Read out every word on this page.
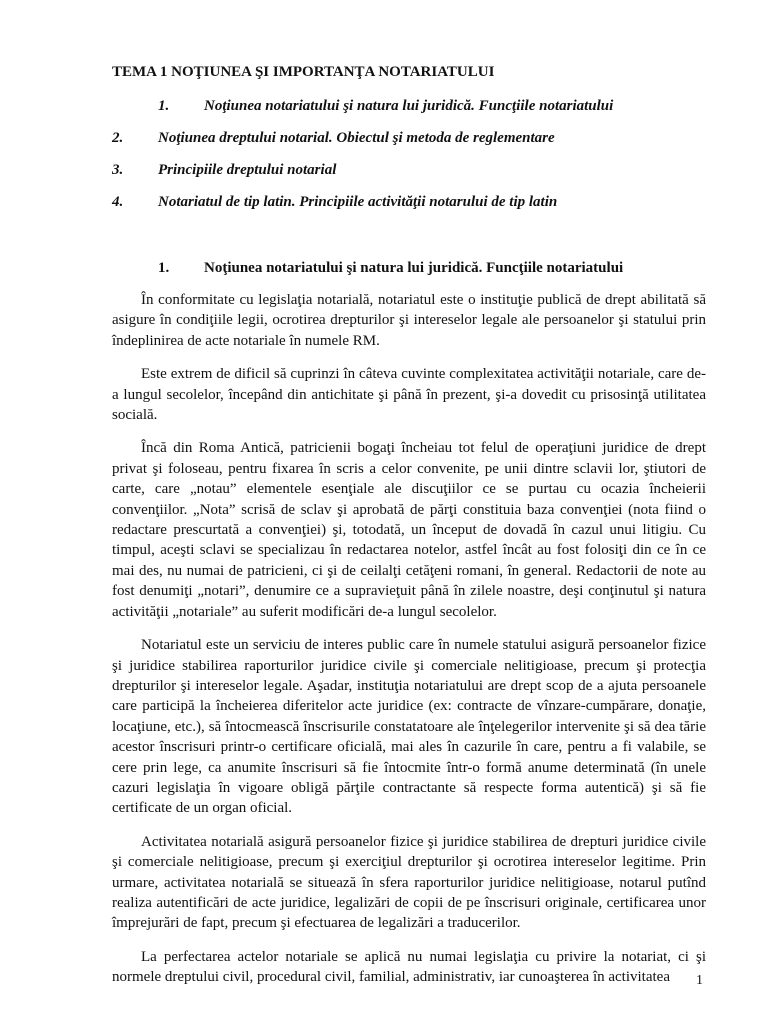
TEMA 1 NOŢIUNEA ŞI IMPORTANŢA NOTARIATULUI
1.	Noţiunea notariatului şi natura lui juridică. Funcţiile notariatului
2.	Noţiunea dreptului notarial. Obiectul şi metoda de reglementare
3.	Principiile dreptului notarial
4.	Notariatul de tip latin. Principiile activităţii notarului de tip latin
1.	Noţiunea notariatului şi natura lui juridică. Funcţiile notariatului

În conformitate cu legislaţia notarială, notariatul este o instituţie publică de drept abilitată să asigure în condiţiile legii, ocrotirea drepturilor şi intereselor legale ale persoanelor şi statului prin îndeplinirea de acte notariale în numele RM.

Este extrem de dificil să cuprinzi în câteva cuvinte complexitatea activităţii notariale, care de-a lungul secolelor, începând din antichitate şi până în prezent, şi-a dovedit cu prisosinţă utilitatea socială.

Încă din Roma Antică, patricienii bogaţi încheiau tot felul de operaţiuni juridice de drept privat şi foloseau, pentru fixarea în scris a celor convenite, pe unii dintre sclavii lor, ştiutori de carte, care „notau” elementele esenţiale ale discuţiilor ce se purtau cu ocazia încheierii convenţiilor. „Nota” scrisă de sclav şi aprobată de părţi constituia baza convenţiei (nota fiind o redactare prescurtată a convenţiei) şi, totodată, un început de dovadă în cazul unui litigiu. Cu timpul, aceşti sclavi se specializau în redactarea notelor, astfel încât au fost folosiţi din ce în ce mai des, nu numai de patricieni, ci şi de ceilalţi cetăţeni romani, în general. Redactorii de note au fost denumiţi „notari”, denumire ce a supravieţuit până în zilele noastre, deşi conţinutul şi natura activităţii „notariale” au suferit modificări de-a lungul secolelor.

Notariatul este un serviciu de interes public care în numele statului asigură persoanelor fizice şi juridice stabilirea raporturilor juridice civile şi comerciale nelitigioase, precum şi protecţia drepturilor şi intereselor legale. Aşadar, instituţia notariatului are drept scop de a ajuta persoanele care participă la încheierea diferitelor acte juridice (ex: contracte de vînzare-cumpărare, donaţie, locaţiune, etc.), să întocmească înscrisurile constatatoare ale înţelegerilor intervenite şi să dea tărie acestor înscrisuri printr-o certificare oficială, mai ales în cazurile în care, pentru a fi valabile, se cere prin lege, ca anumite înscrisuri să fie întocmite într-o formă anume determinată (în unele cazuri legislaţia în vigoare obligă părţile contractante să respecte forma autentică) şi să fie certificate de un organ oficial.

Activitatea notarială asigură persoanelor fizice şi juridice stabilirea de drepturi juridice civile şi comerciale nelitigioase, precum şi exerciţiul drepturilor şi ocrotirea intereselor legitime. Prin urmare, activitatea notarială se situează în sfera raporturilor juridice nelitigioase, notarul putînd realiza autentificări de acte juridice, legalizări de copii de pe înscrisuri originale, certificarea unor împrejurări de fapt, precum şi efectuarea de legalizări a traducerilor.

La perfectarea actelor notariale se aplică nu numai legislaţia cu privire la notariat, ci şi normele dreptului civil, procedural civil, familial, administrativ, iar cunoaşterea în activitatea	1
